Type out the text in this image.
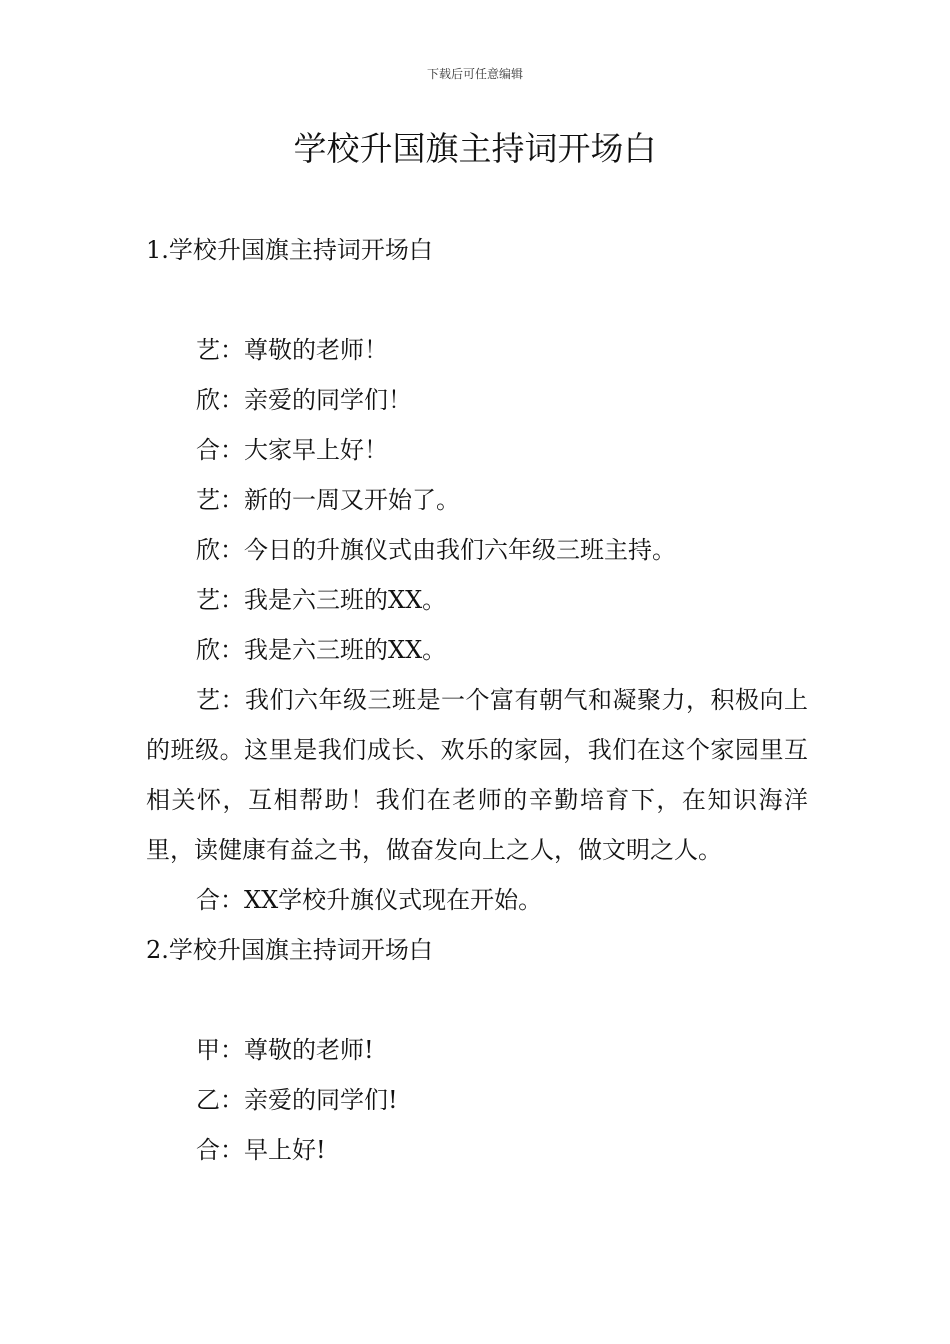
下载后可任意编辑
学校升国旗主持词开场白
1.学校升国旗主持词开场白

艺：尊敬的老师！

欣：亲爱的同学们！

合：大家早上好！

艺：新的一周又开始了。

欣：今日的升旗仪式由我们六年级三班主持。

艺：我是六三班的XX。

欣：我是六三班的XX。

艺：我们六年级三班是一个富有朝气和凝聚力，积极向上的班级。这里是我们成长、欢乐的家园，我们在这个家园里互相关怀，互相帮助！我们在老师的辛勤培育下，在知识海洋里，读健康有益之书，做奋发向上之人，做文明之人。

合：XX学校升旗仪式现在开始。

2.学校升国旗主持词开场白

甲：尊敬的老师!

乙：亲爱的同学们!

合：早上好!
